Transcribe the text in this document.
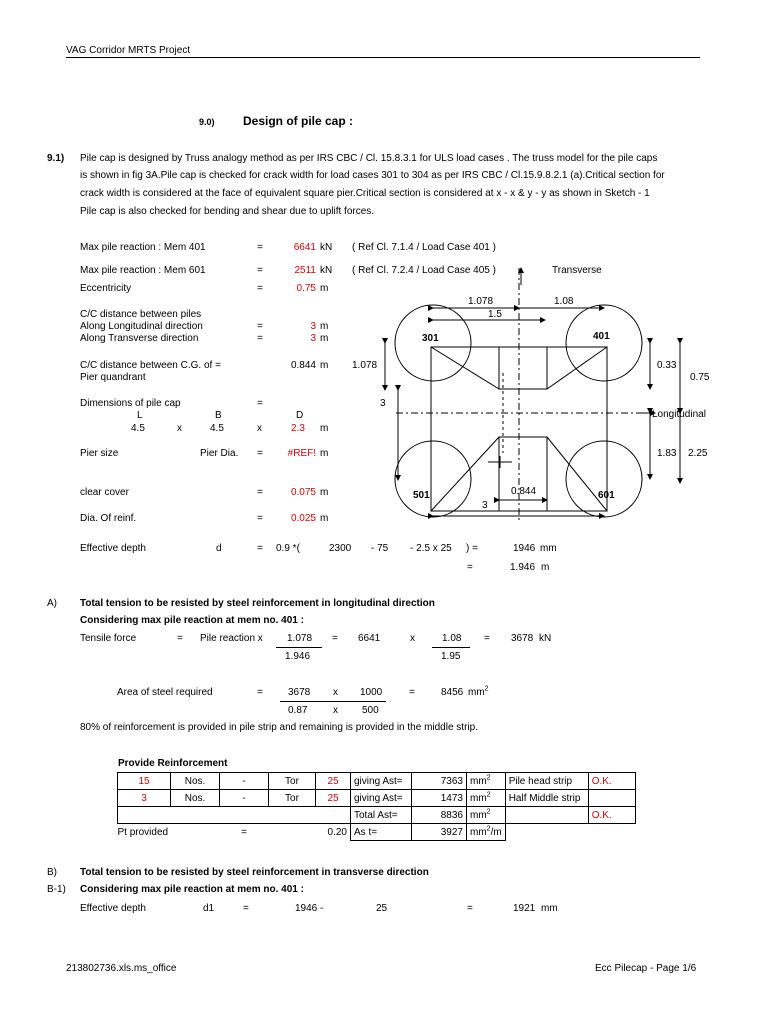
VAG Corridor MRTS Project
9.0) Design of pile cap :
9.1) Pile cap is designed by Truss analogy method as per IRS CBC / Cl. 15.8.3.1 for ULS load cases . The truss model for the pile caps
is shown in fig 3A.Pile cap is checked for crack width for load cases 301 to 304 as per IRS CBC / Cl.15.9.8.2.1 (a).Critical section for
crack width is considered at the face of equivalent square pier.Critical section is considered at x - x & y - y as shown in Sketch - 1
Pile cap is also checked for bending and shear due to uplift forces.
Max pile reaction : Mem 401	=	6641 kN ( Ref Cl. 7.1.4 / Load Case 401 )
Max pile reaction : Mem 601	=	2511 kN ( Ref Cl. 7.2.4 / Load Case 405 )
Eccentricity	=	0.75 m
C/C distance between piles
Along Longitudinal direction	=	3 m
Along Transverse direction	=	3 m
C/C distance between C.G. of =
Pier quandrant
0.844 m
Dimensions of pile cap	=
L	B	D
4.5	x	4.5	x	2.3 m
Pier size	Pier Dia. =	#REF! m
clear cover	=	0.075 m
Dia. Of reinf.	=	0.025 m
Effective depth	d	= 0.9 *(	2300 - 75 - 2.5 x 25 ) =	1946 mm
=	1.946 m
301	401
501	601
Transverse
Longitudinal
1.078	1.08
1.5
0.33
0.75
1.078
3
1.83 2.25
0.844
3
A) Total tension to be resisted by steel reinforcement in longitudinal direction
Considering max pile reaction at mem no. 401 :
Tensile force	= Pile reaction x 1.078
1.946
= 6641	x	1.08
1.95
= 3678 kN
Area of steel required	=	3678 x 1000
0.87	x 500
=	8456 $mm^2$
80% of reinforcement is provided in pile strip and remaining is provided in the middle strip.
Provide Reinforcement
15	Nos.	-	Tor	25	giving Ast=	7363	$mm^2$	Pile head strip	O.K.
3	Nos.	-	Tor	25	giving Ast=	1473	$mm^2$	Half Middle strip	
					Total Ast=	8836	$mm^2$		O.K.
Pt provided		=	0.20		As t=	3927	$mm^2/m$		
B) Total tension to be resisted by steel reinforcement in transverse direction
B-1) Considering max pile reaction at mem no. 401 :
Effective depth	d1	=	1946 -	25	=	1921 mm
213802736.xls.ms_office	Ecc Pilecap - Page 1/6
